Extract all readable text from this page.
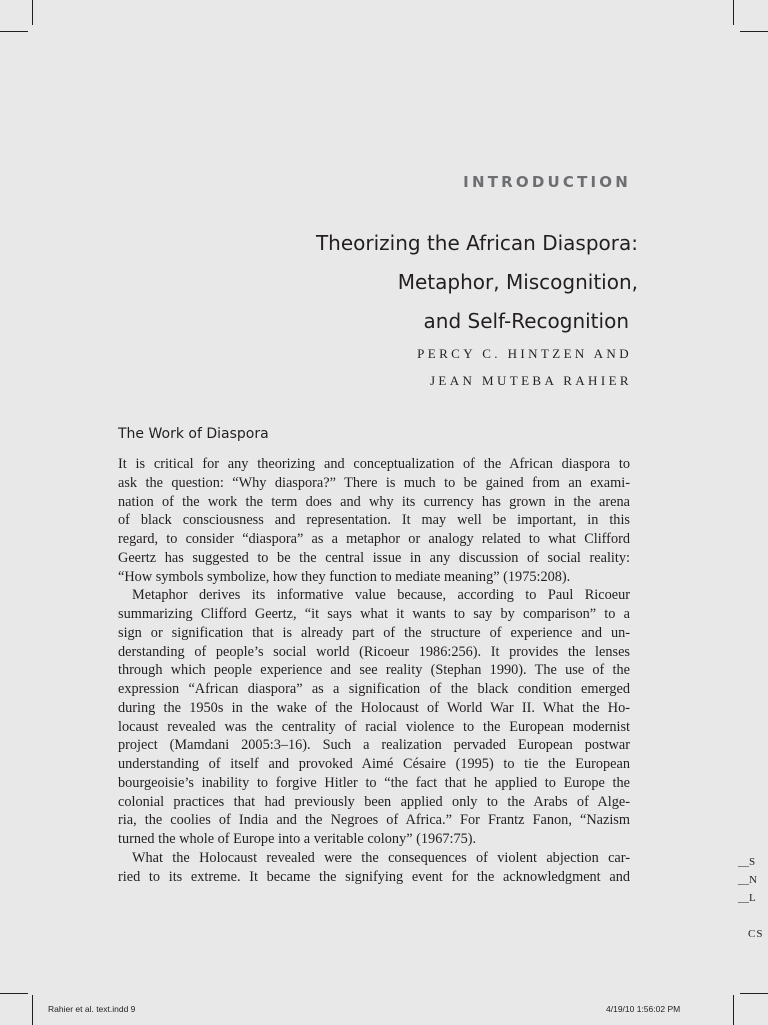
INTRODUCTION
Theorizing the African Diaspora:
Metaphor, Miscognition,
and Self-Recognition
PERCY C. HINTZEN AND
JEAN MUTEBA RAHIER
The Work of Diaspora
It is critical for any theorizing and conceptualization of the African diaspora to
ask the question: “Why diaspora?” There is much to be gained from an exami-
nation of the work the term does and why its currency has grown in the arena
of black consciousness and representation. It may well be important, in this
regard, to consider “diaspora” as a metaphor or analogy related to what Clifford
Geertz has suggested to be the central issue in any discussion of social reality:
“How symbols symbolize, how they function to mediate meaning” (1975:208).
Metaphor derives its informative value because, according to Paul Ricoeur
summarizing Clifford Geertz, “it says what it wants to say by comparison” to a
sign or signification that is already part of the structure of experience and un-
derstanding of people’s social world (Ricoeur 1986:256). It provides the lenses
through which people experience and see reality (Stephan 1990). The use of the
expression “African diaspora” as a signification of the black condition emerged
during the 1950s in the wake of the Holocaust of World War II. What the Ho-
locaust revealed was the centrality of racial violence to the European modernist
project (Mamdani 2005:3–16). Such a realization pervaded European postwar
understanding of itself and provoked Aimé Césaire (1995) to tie the European
bourgeoisie’s inability to forgive Hitler to “the fact that he applied to Europe the
colonial practices that had previously been applied only to the Arabs of Alge-
ria, the coolies of India and the Negroes of Africa.” For Frantz Fanon, “Nazism
turned the whole of Europe into a veritable colony” (1967:75).
What the Holocaust revealed were the consequences of violent abjection car-
ried to its extreme. It became the signifying event for the acknowledgment and
__S
__N
__L
CS
Rahier et al. text.indd 9	4/19/10 1:56:02 PM
